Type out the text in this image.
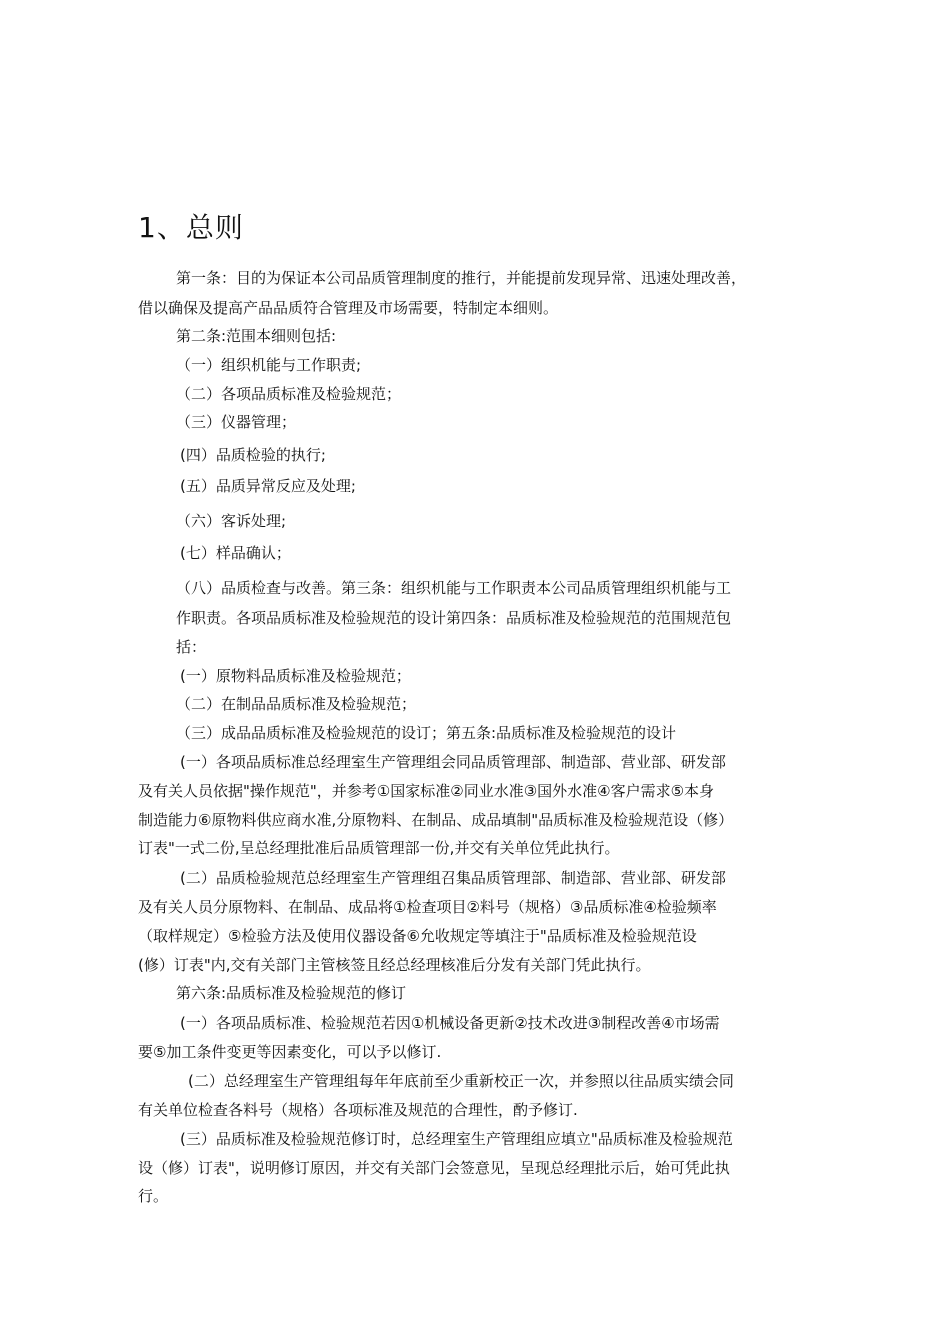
1、总则

第一条：目的为保证本公司品质管理制度的推行，并能提前发现异常、迅速处理改善，

借以确保及提高产品品质符合管理及市场需要，特制定本细则。

第二条:范围本细则包括:

（一）组织机能与工作职责;

（二）各项品质标准及检验规范；

（三）仪器管理；

(四）品质检验的执行;

(五）品质异常反应及处理;

（六）客诉处理;

(七）样品确认；

（八）品质检查与改善。第三条：组织机能与工作职责本公司品质管理组织机能与工

作职责。各项品质标准及检验规范的设计第四条：品质标准及检验规范的范围规范包

括：

(一）原物料品质标准及检验规范；

（二）在制品品质标准及检验规范；

（三）成品品质标准及检验规范的设订；第五条:品质标准及检验规范的设计

(一）各项品质标准总经理室生产管理组会同品质管理部、制造部、营业部、研发部

及有关人员依据"操作规范"，并参考①国家标准②同业水准③国外水准④客户需求⑤本身

制造能力⑥原物料供应商水准,分原物料、在制品、成品填制"品质标准及检验规范设（修）

订表"一式二份,呈总经理批准后品质管理部一份,并交有关单位凭此执行。

(二）品质检验规范总经理室生产管理组召集品质管理部、制造部、营业部、研发部

及有关人员分原物料、在制品、成品将①检查项目②料号（规格）③品质标准④检验频率

（取样规定）⑤检验方法及使用仪器设备⑥允收规定等填注于"品质标准及检验规范设

(修）订表"内,交有关部门主管核签且经总经理核准后分发有关部门凭此执行。

第六条:品质标准及检验规范的修订

(一）各项品质标准、检验规范若因①机械设备更新②技术改进③制程改善④市场需

要⑤加工条件变更等因素变化，可以予以修订.

(二）总经理室生产管理组每年年底前至少重新校正一次，并参照以往品质实绩会同

有关单位检查各料号（规格）各项标准及规范的合理性，酌予修订.

(三）品质标准及检验规范修订时，总经理室生产管理组应填立"品质标准及检验规范

设（修）订表"，说明修订原因，并交有关部门会签意见，呈现总经理批示后，始可凭此执

行。
